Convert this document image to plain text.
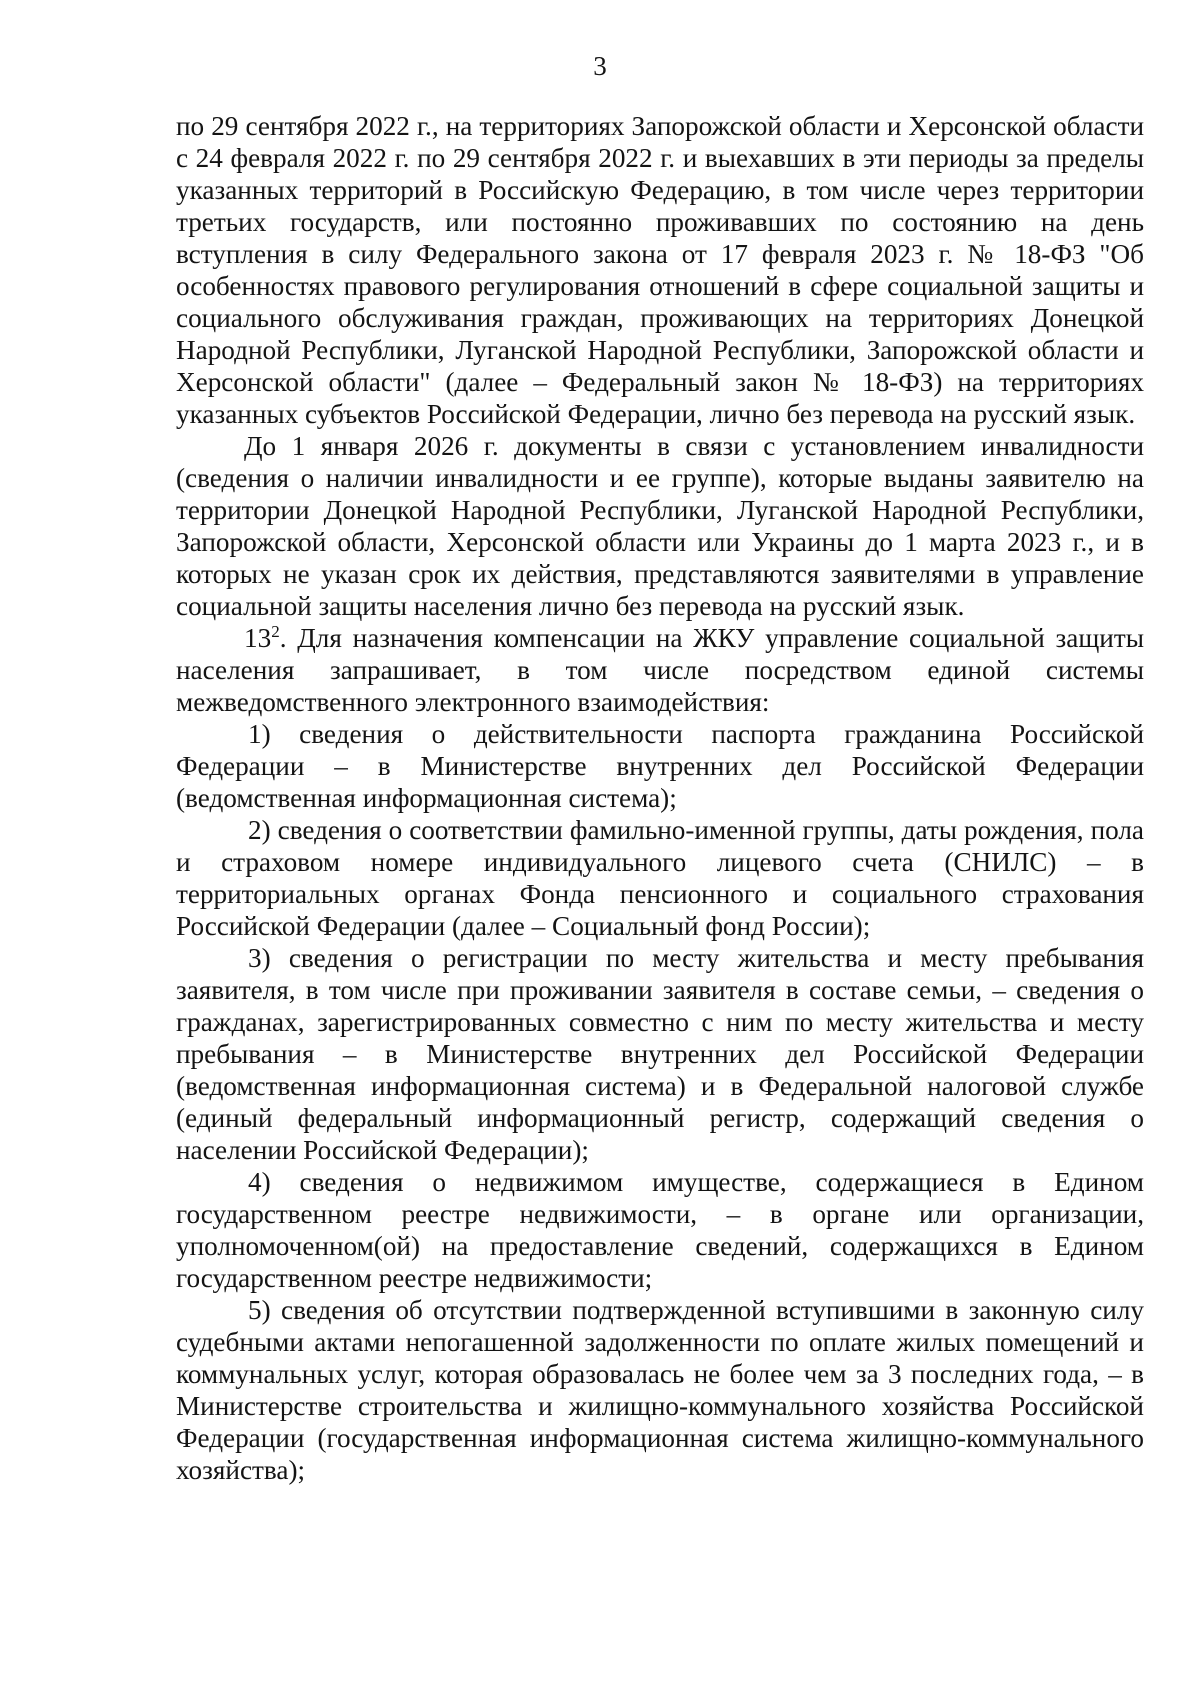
3

по 29 сентября 2022 г., на территориях Запорожской области и Херсонской области с 24 февраля 2022 г. по 29 сентября 2022 г. и выехавших в эти периоды за пределы указанных территорий в Российскую Федерацию, в том числе через территории третьих государств, или постоянно проживавших по состоянию на день вступления в силу Федерального закона от 17 февраля 2023 г. № 18-ФЗ "Об особенностях правового регулирования отношений в сфере социальной защиты и социального обслуживания граждан, проживающих на территориях Донецкой Народной Республики, Луганской Народной Республики, Запорожской области и Херсонской области" (далее – Федеральный закон № 18-ФЗ) на территориях указанных субъектов Российской Федерации, лично без перевода на русский язык.

До 1 января 2026 г. документы в связи с установлением инвалидности (сведения о наличии инвалидности и ее группе), которые выданы заявителю на территории Донецкой Народной Республики, Луганской Народной Республики, Запорожской области, Херсонской области или Украины до 1 марта 2023 г., и в которых не указан срок их действия, представляются заявителями в управление социальной защиты населения лично без перевода на русский язык.

$13^2$. Для назначения компенсации на ЖКУ управление социальной защиты населения запрашивает, в том числе посредством единой системы межведомственного электронного взаимодействия:

1) сведения о действительности паспорта гражданина Российской Федерации – в Министерстве внутренних дел Российской Федерации (ведомственная информационная система);

2) сведения о соответствии фамильно-именной группы, даты рождения, пола и страховом номере индивидуального лицевого счета (СНИЛС) – в территориальных органах Фонда пенсионного и социального страхования Российской Федерации (далее – Социальный фонд России);

3) сведения о регистрации по месту жительства и месту пребывания заявителя, в том числе при проживании заявителя в составе семьи, – сведения о гражданах, зарегистрированных совместно с ним по месту жительства и месту пребывания – в Министерстве внутренних дел Российской Федерации (ведомственная информационная система) и в Федеральной налоговой службе (единый федеральный информационный регистр, содержащий сведения о населении Российской Федерации);

4) сведения о недвижимом имуществе, содержащиеся в Едином государственном реестре недвижимости, – в органе или организации, уполномоченном(ой) на предоставление сведений, содержащихся в Едином государственном реестре недвижимости;

5) сведения об отсутствии подтвержденной вступившими в законную силу судебными актами непогашенной задолженности по оплате жилых помещений и коммунальных услуг, которая образовалась не более чем за 3 последних года, – в Министерстве строительства и жилищно-коммунального хозяйства Российской Федерации (государственная информационная система жилищно-коммунального хозяйства);
